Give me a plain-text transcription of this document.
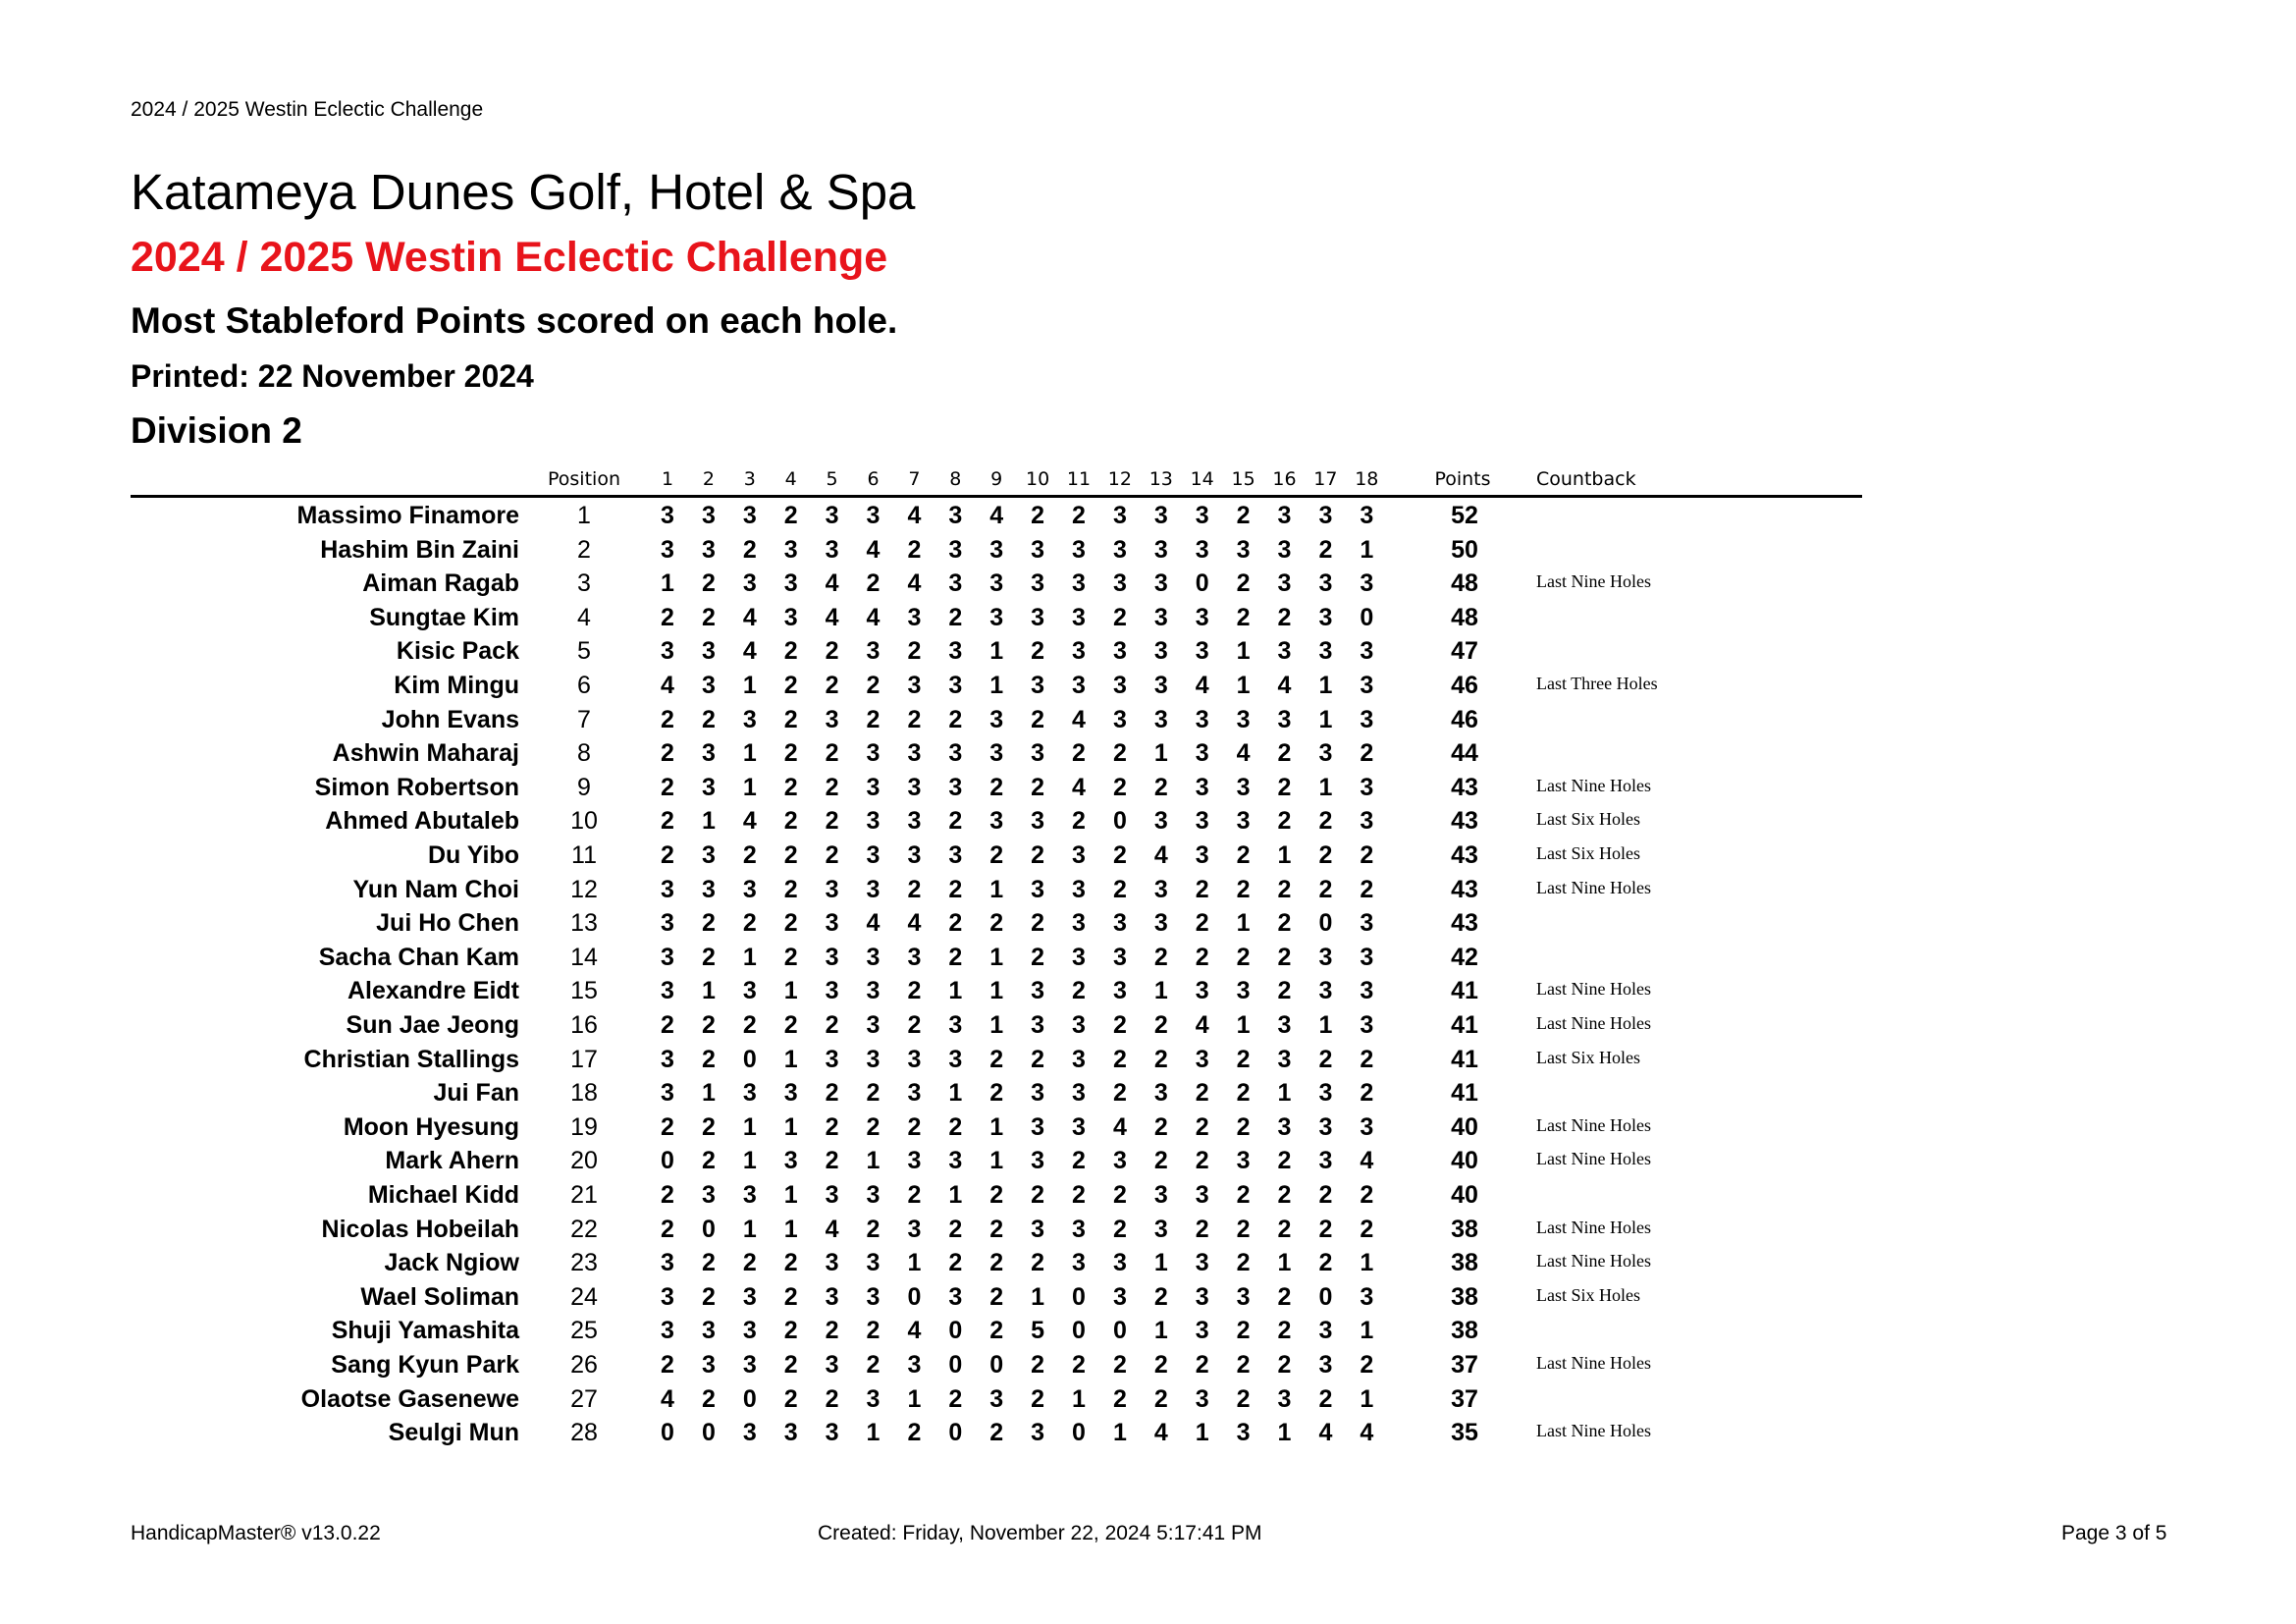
2024 / 2025 Westin Eclectic Challenge
Katameya Dunes Golf, Hotel & Spa
2024 / 2025 Westin Eclectic Challenge
Most Stableford Points scored on each hole.
Printed: 22 November 2024
Division 2
Position 1 2 3 4 5 6 7 8 9 10 11 12 13 14 15 16 17 18	Points Countback
Massimo Finamore 1	3 3 3 2 3 3 4 3 4 2 2 3 3 3 2 3 3 3	52
Hashim Bin Zaini 2	3 3 2 3 3 4 2 3 3 3 3 3 3 3 3 3 2 1	50
Aiman Ragab 3	1 2 3 3 4 2 4 3 3 3 3 3 3 0 2 3 3 3	48	Last Nine Holes
Sungtae Kim 4	2 2 4 3 4 4 3 2 3 3 3 2 3 3 2 2 3 0	48
Kisic Pack 5	3 3 4 2 2 3 2 3 1 2 3 3 3 3 1 3 3 3	47
Kim Mingu 6	4 3 1 2 2 2 3 3 1 3 3 3 3 4 1 4 1 3	46	Last Three Holes
John Evans 7	2 2 3 2 3 2 2 2 3 2 4 3 3 3 3 3 1 3	46
Ashwin Maharaj 8	2 3 1 2 2 3 3 3 3 3 2 2 1 3 4 2 3 2	44
Simon Robertson 9	2 3 1 2 2 3 3 3 2 2 4 2 2 3 3 2 1 3	43	Last Nine Holes
Ahmed Abutaleb 10	2 1 4 2 2 3 3 2 3 3 2 0 3 3 3 2 2 3	43	Last Six Holes
Du Yibo 11	2 3 2 2 2 3 3 3 2 2 3 2 4 3 2 1 2 2	43	Last Six Holes
Yun Nam Choi 12	3 3 3 2 3 3 2 2 1 3 3 2 3 2 2 2 2 2	43	Last Nine Holes
Jui Ho Chen 13	3 2 2 2 3 4 4 2 2 2 3 3 3 2 1 2 0 3	43
Sacha Chan Kam 14	3 2 1 2 3 3 3 2 1 2 3 3 2 2 2 2 3 3	42
Alexandre Eidt 15	3 1 3 1 3 3 2 1 1 3 2 3 1 3 3 2 3 3	41	Last Nine Holes
Sun Jae Jeong 16	2 2 2 2 2 3 2 3 1 3 3 2 2 4 1 3 1 3	41	Last Nine Holes
Christian Stallings 17	3 2 0 1 3 3 3 3 2 2 3 2 2 3 2 3 2 2	41	Last Six Holes
Jui Fan 18	3 1 3 3 2 2 3 1 2 3 3 2 3 2 2 1 3 2	41
Moon Hyesung 19	2 2 1 1 2 2 2 2 1 3 3 4 2 2 2 3 3 3	40	Last Nine Holes
Mark Ahern 20	0 2 1 3 2 1 3 3 1 3 2 3 2 2 3 2 3 4	40	Last Nine Holes
Michael Kidd 21	2 3 3 1 3 3 2 1 2 2 2 2 3 3 2 2 2 2	40
Nicolas Hobeilah 22	2 0 1 1 4 2 3 2 2 3 3 2 3 2 2 2 2 2	38	Last Nine Holes
Jack Ngiow 23	3 2 2 2 3 3 1 2 2 2 3 3 1 3 2 1 2 1	38	Last Nine Holes
Wael Soliman 24	3 2 3 2 3 3 0 3 2 1 0 3 2 3 3 2 0 3	38	Last Six Holes
Shuji Yamashita 25	3 3 3 2 2 2 4 0 2 5 0 0 1 3 2 2 3 1	38
Sang Kyun Park 26	2 3 3 2 3 2 3 0 0 2 2 2 2 2 2 2 3 2	37	Last Nine Holes
Olaotse Gasenewe 27	4 2 0 2 2 3 1 2 3 2 1 2 2 3 2 3 2 1	37
Seulgi Mun 28	0 0 3 3 3 1 2 0 2 3 0 1 4 1 3 1 4 4	35	Last Nine Holes
HandicapMaster® v13.0.22	Created: Friday, November 22, 2024 5:17:41 PM	Page 3 of 5
